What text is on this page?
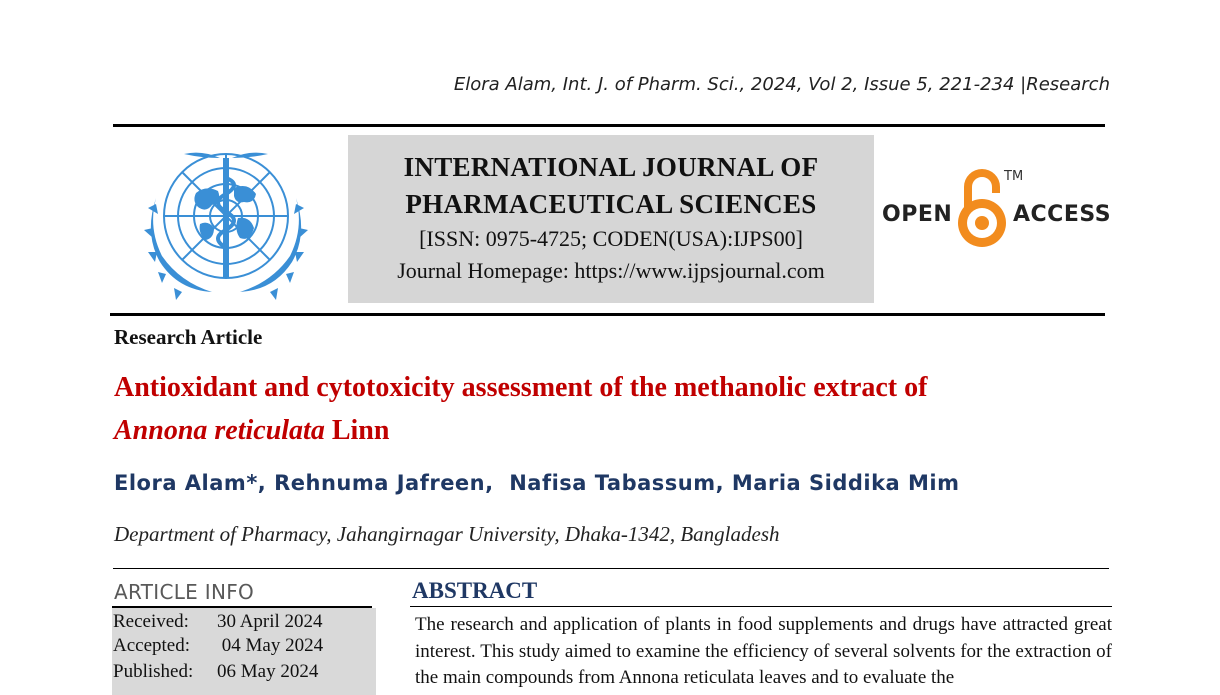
Elora Alam, Int. J. of Pharm. Sci., 2024, Vol 2, Issue 5, 221-234 |Research
INTERNATIONAL JOURNAL OF
PHARMACEUTICAL SCIENCES
[ISSN: 0975-4725; CODEN(USA):IJPS00]
Journal Homepage: https://www.ijpsjournal.com
OPEN
TM
ACCESS
Research Article
Antioxidant and cytotoxicity assessment of the methanolic extract of
Annona reticulata Linn
Elora Alam*, Rehnuma Jafreen,  Nafisa Tabassum, Maria Siddika Mim
Department of Pharmacy, Jahangirnagar University, Dhaka-1342, Bangladesh
ARTICLE INFO
Received: 30 April 2024
Accepted: 04 May 2024
Published: 06 May 2024
ABSTRACT
The research and application of plants in food supplements and drugs have attracted great interest. This study aimed to examine the efficiency of several solvents for the extraction of the main compounds from Annona reticulata leaves and to evaluate the
